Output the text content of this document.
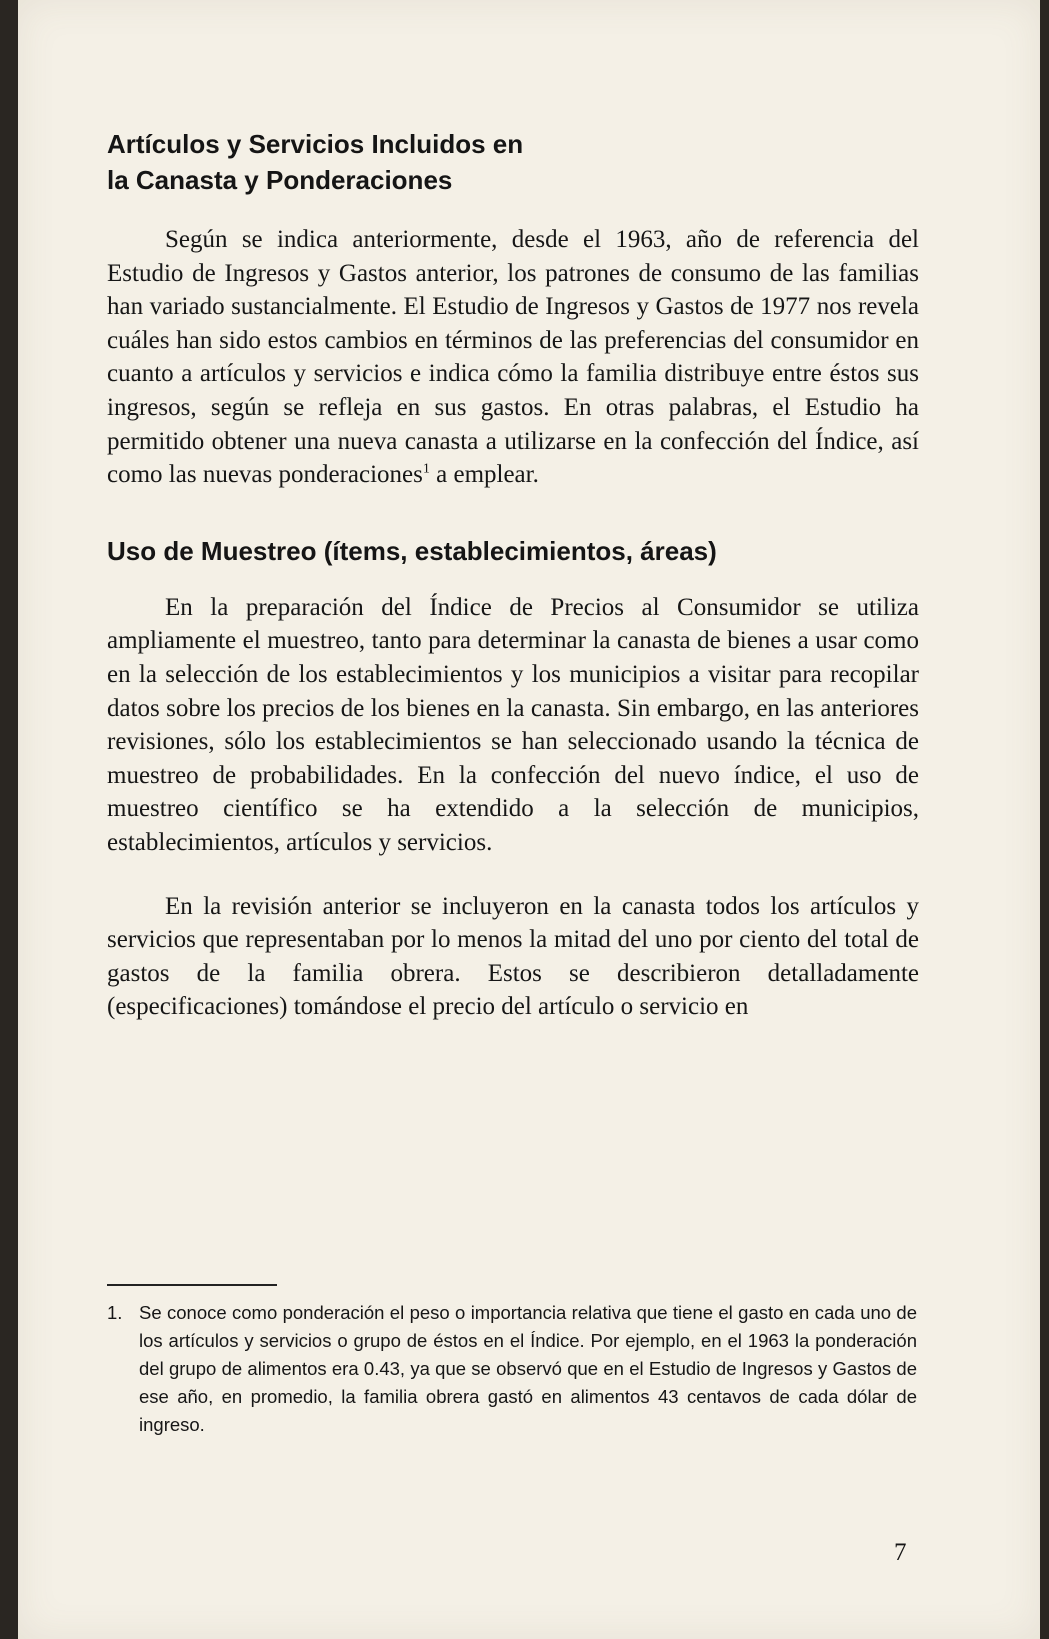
Artículos y Servicios Incluidos en
la Canasta y Ponderaciones

Según se indica anteriormente, desde el 1963, año de referencia del Estudio de Ingresos y Gastos anterior, los patrones de consumo de las familias han variado sustancialmente. El Estudio de Ingresos y Gastos de 1977 nos revela cuáles han sido estos cambios en términos de las preferencias del consumidor en cuanto a artículos y servicios e indica cómo la familia distribuye entre éstos sus ingresos, según se refleja en sus gastos. En otras palabras, el Estudio ha permitido obtener una nueva canasta a utilizarse en la confección del Índice, así como las nuevas ponderaciones$^1$ a emplear.

Uso de Muestreo (ítems, establecimientos, áreas)

En la preparación del Índice de Precios al Consumidor se utiliza ampliamente el muestreo, tanto para determinar la canasta de bienes a usar como en la selección de los establecimientos y los municipios a visitar para recopilar datos sobre los precios de los bienes en la canasta. Sin embargo, en las anteriores revisiones, sólo los establecimientos se han seleccionado usando la técnica de muestreo de probabilidades. En la confección del nuevo índice, el uso de muestreo científico se ha extendido a la selección de municipios, establecimientos, artículos y servicios.

En la revisión anterior se incluyeron en la canasta todos los artículos y servicios que representaban por lo menos la mitad del uno por ciento del total de gastos de la familia obrera. Estos se describieron detalladamente (especificaciones) tomándose el precio del artículo o servicio en

1. Se conoce como ponderación el peso o importancia relativa que tiene el gasto en cada uno de los artículos y servicios o grupo de éstos en el Índice. Por ejemplo, en el 1963 la ponderación del grupo de alimentos era 0.43, ya que se observó que en el Estudio de Ingresos y Gastos de ese año, en promedio, la familia obrera gastó en alimentos 43 centavos de cada dólar de ingreso.
7
